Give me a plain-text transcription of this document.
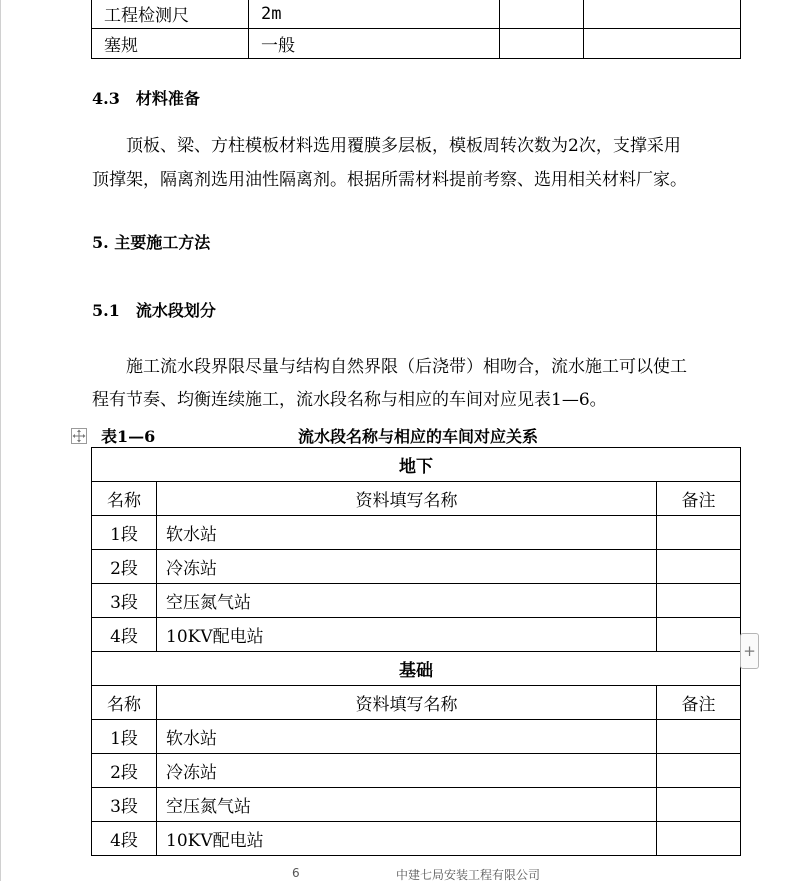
工程检测尺	2m		
塞规	一般		
4.3　材料准备
　　顶板、梁、方柱模板材料选用覆膜多层板，模板周转次数为2次，支撑采用
顶撑架，隔离剂选用油性隔离剂。根据所需材料提前考察、选用相关材料厂家。
5. 主要施工方法
5.1　流水段划分
　　施工流水段界限尽量与结构自然界限（后浇带）相吻合，流水施工可以使工
程有节奏、均衡连续施工，流水段名称与相应的车间对应见表1—6。
表1—6	流水段名称与相应的车间对应关系
地下		
名称	资料填写名称	备注
1段	软水站	
2段	冷冻站	
3段	空压氮气站	
4段	10KV配电站	
基础		
名称	资料填写名称	备注
1段	软水站	
2段	冷冻站	
3段	空压氮气站	
4段	10KV配电站	
+
6	中建七局安装工程有限公司
